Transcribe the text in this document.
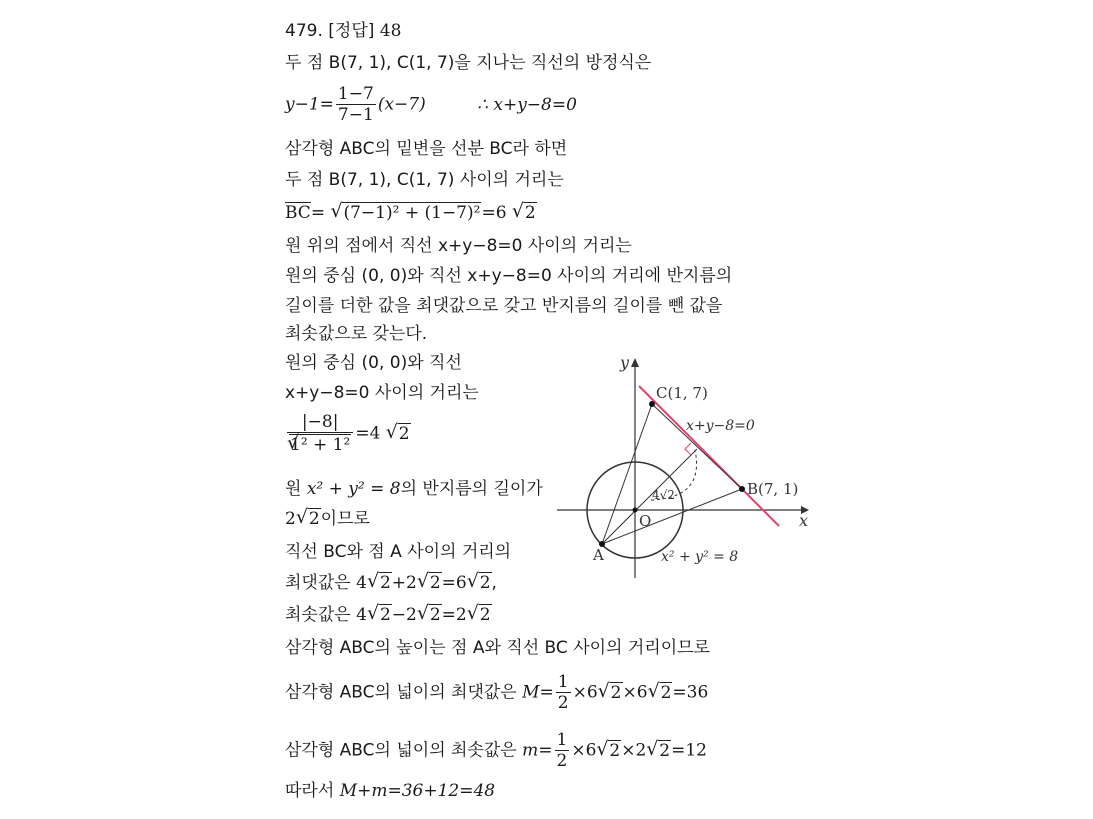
479. [정답] 48
두 점 B(7, 1), C(1, 7)을 지나는 직선의 방정식은
$y-1= \frac{1-7}{7-1} (x-7)$	∴ x+y−8=0
삼각형 ABC의 밑변을 선분 BC라 하면
두 점 B(7, 1), C(1, 7) 사이의 거리는
BC= √ (7−1)² + (1−7)²=6 √ 2
원 위의 점에서 직선 x+y−8=0 사이의 거리는
원의 중심 (0, 0)와 직선 x+y−8=0 사이의 거리에 반지름의
길이를 더한 값을 최댓값으로 갖고 반지름의 길이를 뺀 값을
최솟값으로 갖는다.
원의 중심 (0, 0)와 직선
x+y−8=0 사이의 거리는
|−8|
√ 1² + 1² =4 √ 2
원 x² + y² = 8의 반지름의 길이가
2√ 2이므로
직선 BC와 점 A 사이의 거리의
최댓값은 4√ 2+2√ 2=6√ 2,
최솟값은 4√ 2−2√ 2=2√ 2
삼각형 ABC의 높이는 점 A와 직선 BC 사이의 거리이므로
삼각형 ABC의 넓이의 최댓값은 $M= \frac{1}{2} \times 6√$ 2×6√ 2=36
삼각형 ABC의 넓이의 최솟값은 $m= \frac{1}{2} \times 6√$ 2×2√ 2=12
따라서 M+m=36+12=48
y
x
O
C(1, 7)
B(7, 1)
A
x+y−8=0
x² + y² = 8
4√2
